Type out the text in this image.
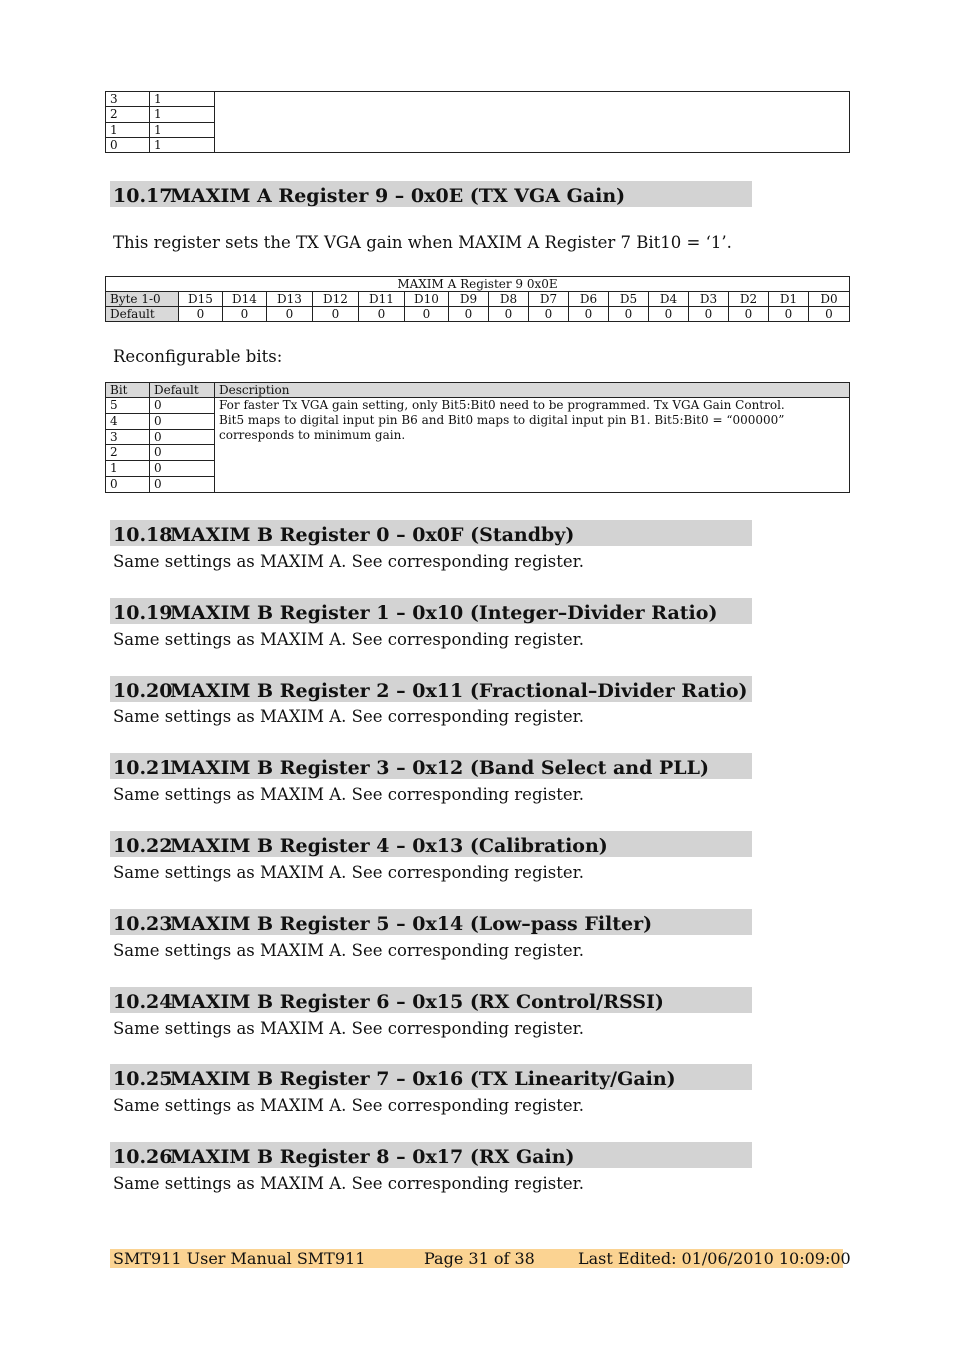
3	1	
2	1	
1	1	
0	1	
10.17MAXIM A Register 9 – 0x0E (TX VGA Gain)
This register sets the TX VGA gain when MAXIM A Register 7 Bit10 = ‘1’.
MAXIM A Register 9 0x0E																
Byte 1-0	D15	D14	D13	D12	D11	D10	D9	D8	D7	D6	D5	D4	D3	D2	D1	D0
Default	0	0	0	0	0	0	0	0	0	0	0	0	0	0	0	0
Reconfigurable bits:
Bit	Default	Description
5	0	For faster Tx VGA gain setting, only Bit5:Bit0 need to be programmed. Tx VGA Gain Control. Bit5 maps to digital input pin B6 and Bit0 maps to digital input pin B1. Bit5:Bit0 = “000000” corresponds to minimum gain.
4	0	
3	0	
2	0	
1	0	
0	0	
10.18MAXIM B Register 0 – 0x0F (Standby)
Same settings as MAXIM A. See corresponding register.
10.19MAXIM B Register 1 – 0x10 (Integer–Divider Ratio)
Same settings as MAXIM A. See corresponding register.
10.20MAXIM B Register 2 – 0x11 (Fractional–Divider Ratio)
Same settings as MAXIM A. See corresponding register.
10.21MAXIM B Register 3 – 0x12 (Band Select and PLL)
Same settings as MAXIM A. See corresponding register.
10.22MAXIM B Register 4 – 0x13 (Calibration)
Same settings as MAXIM A. See corresponding register.
10.23MAXIM B Register 5 – 0x14 (Low–pass Filter)
Same settings as MAXIM A. See corresponding register.
10.24MAXIM B Register 6 – 0x15 (RX Control/RSSI)
Same settings as MAXIM A. See corresponding register.
10.25MAXIM B Register 7 – 0x16 (TX Linearity/Gain)
Same settings as MAXIM A. See corresponding register.
10.26MAXIM B Register 8 – 0x17 (RX Gain)
Same settings as MAXIM A. See corresponding register.
SMT911 User Manual SMT911	Page 31 of 38	Last Edited: 01/06/2010 10:09:00
